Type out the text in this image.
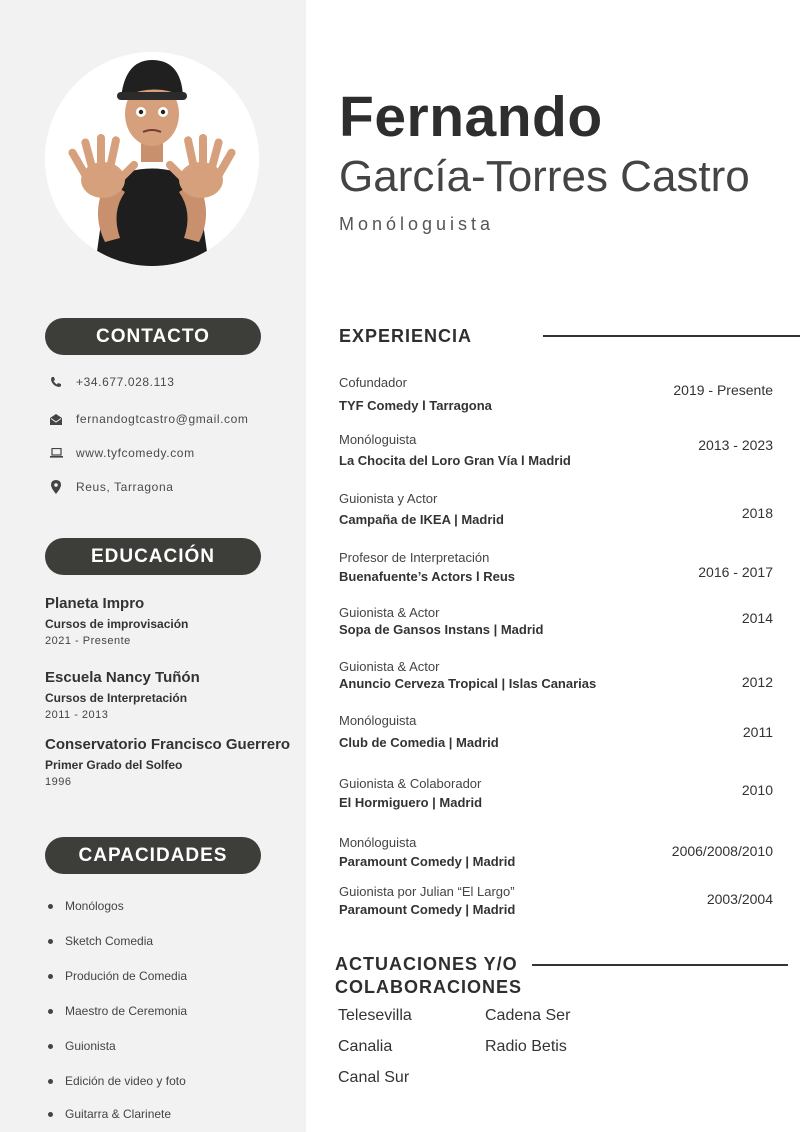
CONTACTO
+34.677.028.113
fernandogtcastro@gmail.com
www.tyfcomedy.com
Reus, Tarragona
EDUCACIÓN
Planeta Impro
Cursos de improvisación
2021 - Presente
Escuela Nancy Tuñón
Cursos de Interpretación
2011 - 2013
Conservatorio Francisco Guerrero
Primer Grado del Solfeo
1996
CAPACIDADES
Monólogos
Sketch Comedia
Produción de Comedia
Maestro de Ceremonia
Guionista
Edición de video y foto
Guitarra & Clarinete
Fernando
García-Torres Castro
Monóloguista
EXPERIENCIA
Cofundador
TYF Comedy l Tarragona
2019 - Presente
Monóloguista
La Chocita del Loro Gran Vía l Madrid
2013 - 2023
Guionista y Actor
Campaña de IKEA | Madrid	2018
Profesor de Interpretación
Buenafuente’s Actors l Reus	2016 - 2017
Guionista & Actor
Sopa de Gansos Instans | Madrid
2014
Guionista & Actor
Anuncio Cerveza Tropical | Islas Canarias	2012
Monóloguista
Club de Comedia | Madrid
2011
Guionista & Colaborador
El Hormiguero | Madrid
2010
Monóloguista
Paramount Comedy | Madrid
2006/2008/2010
Guionista por Julian “El Largo”
Paramount Comedy | Madrid
2003/2004
ACTUACIONES Y/O
COLABORACIONES
Telesevilla	Cadena Ser
Canalia	Radio Betis
Canal Sur
